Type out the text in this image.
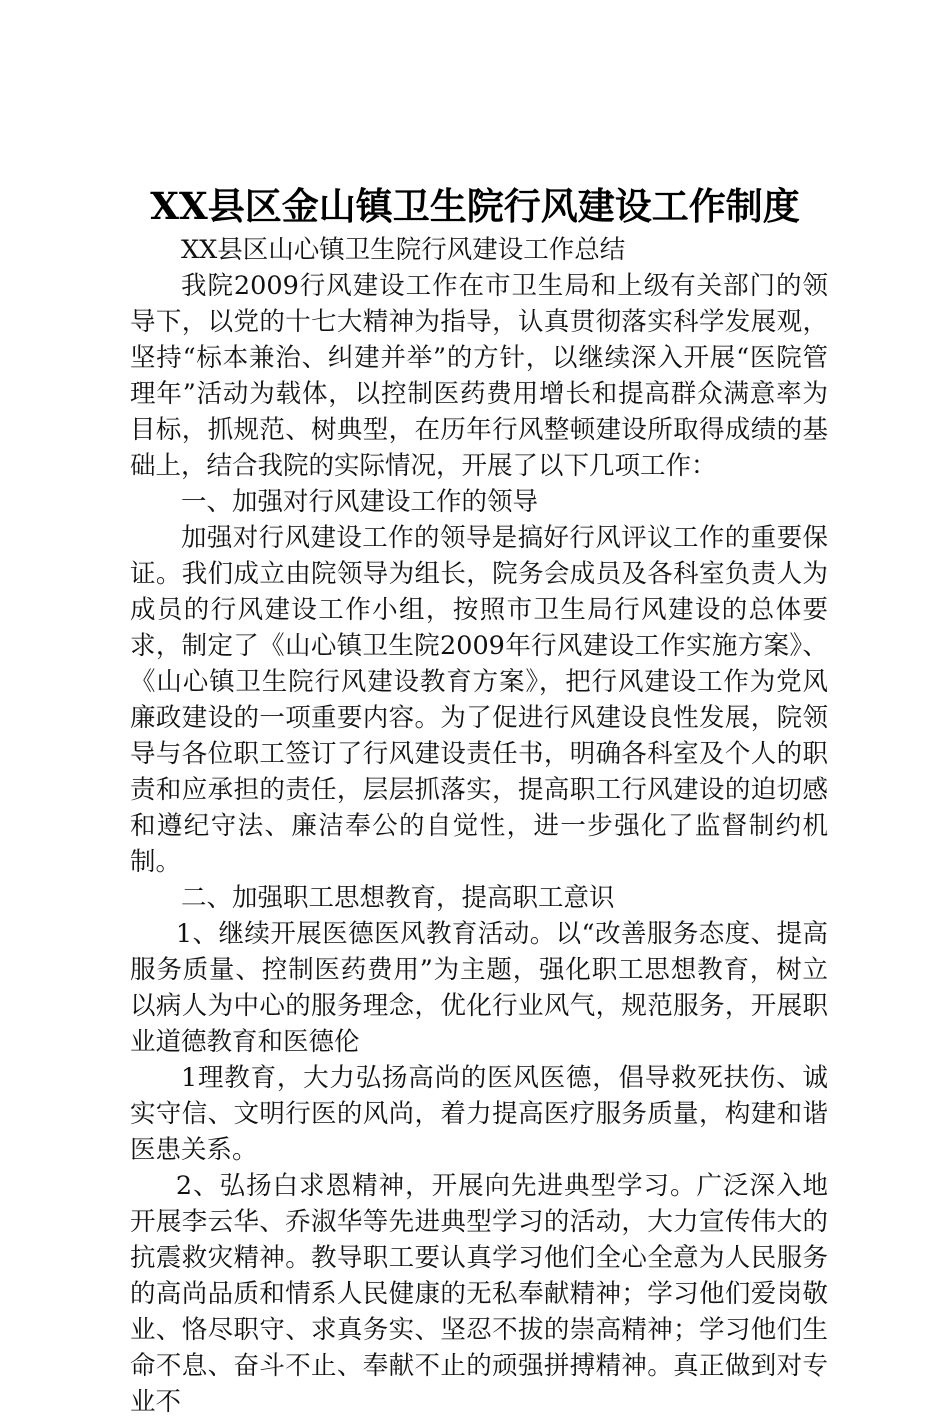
XX县区金山镇卫生院行风建设工作制度

XX县区山心镇卫生院行风建设工作总结

我院2009行风建设工作在市卫生局和上级有关部门的领导下，以党的十七大精神为指导，认真贯彻落实科学发展观，坚持“标本兼治、纠建并举”的方针，以继续深入开展“医院管理年”活动为载体，以控制医药费用增长和提高群众满意率为目标，抓规范、树典型，在历年行风整顿建设所取得成绩的基础上，结合我院的实际情况，开展了以下几项工作：

一、加强对行风建设工作的领导

加强对行风建设工作的领导是搞好行风评议工作的重要保证。我们成立由院领导为组长，院务会成员及各科室负责人为成员的行风建设工作小组，按照市卫生局行风建设的总体要求，制定了《山心镇卫生院2009年行风建设工作实施方案》、《山心镇卫生院行风建设教育方案》，把行风建设工作为党风廉政建设的一项重要内容。为了促进行风建设良性发展，院领导与各位职工签订了行风建设责任书，明确各科室及个人的职责和应承担的责任，层层抓落实，提高职工行风建设的迫切感和遵纪守法、廉洁奉公的自觉性，进一步强化了监督制约机制。

二、加强职工思想教育，提高职工意识

1、继续开展医德医风教育活动。以“改善服务态度、提高服务质量、控制医药费用”为主题，强化职工思想教育，树立以病人为中心的服务理念，优化行业风气，规范服务，开展职业道德教育和医德伦

1理教育，大力弘扬高尚的医风医德，倡导救死扶伤、诚实守信、文明行医的风尚，着力提高医疗服务质量，构建和谐医患关系。

2、弘扬白求恩精神，开展向先进典型学习。广泛深入地开展李云华、乔淑华等先进典型学习的活动，大力宣传伟大的抗震救灾精神。教导职工要认真学习他们全心全意为人民服务的高尚品质和情系人民健康的无私奉献精神；学习他们爱岗敬业、恪尽职守、求真务实、坚忍不拔的崇高精神；学习他们生命不息、奋斗不止、奉献不止的顽强拼搏精神。真正做到对专业不
